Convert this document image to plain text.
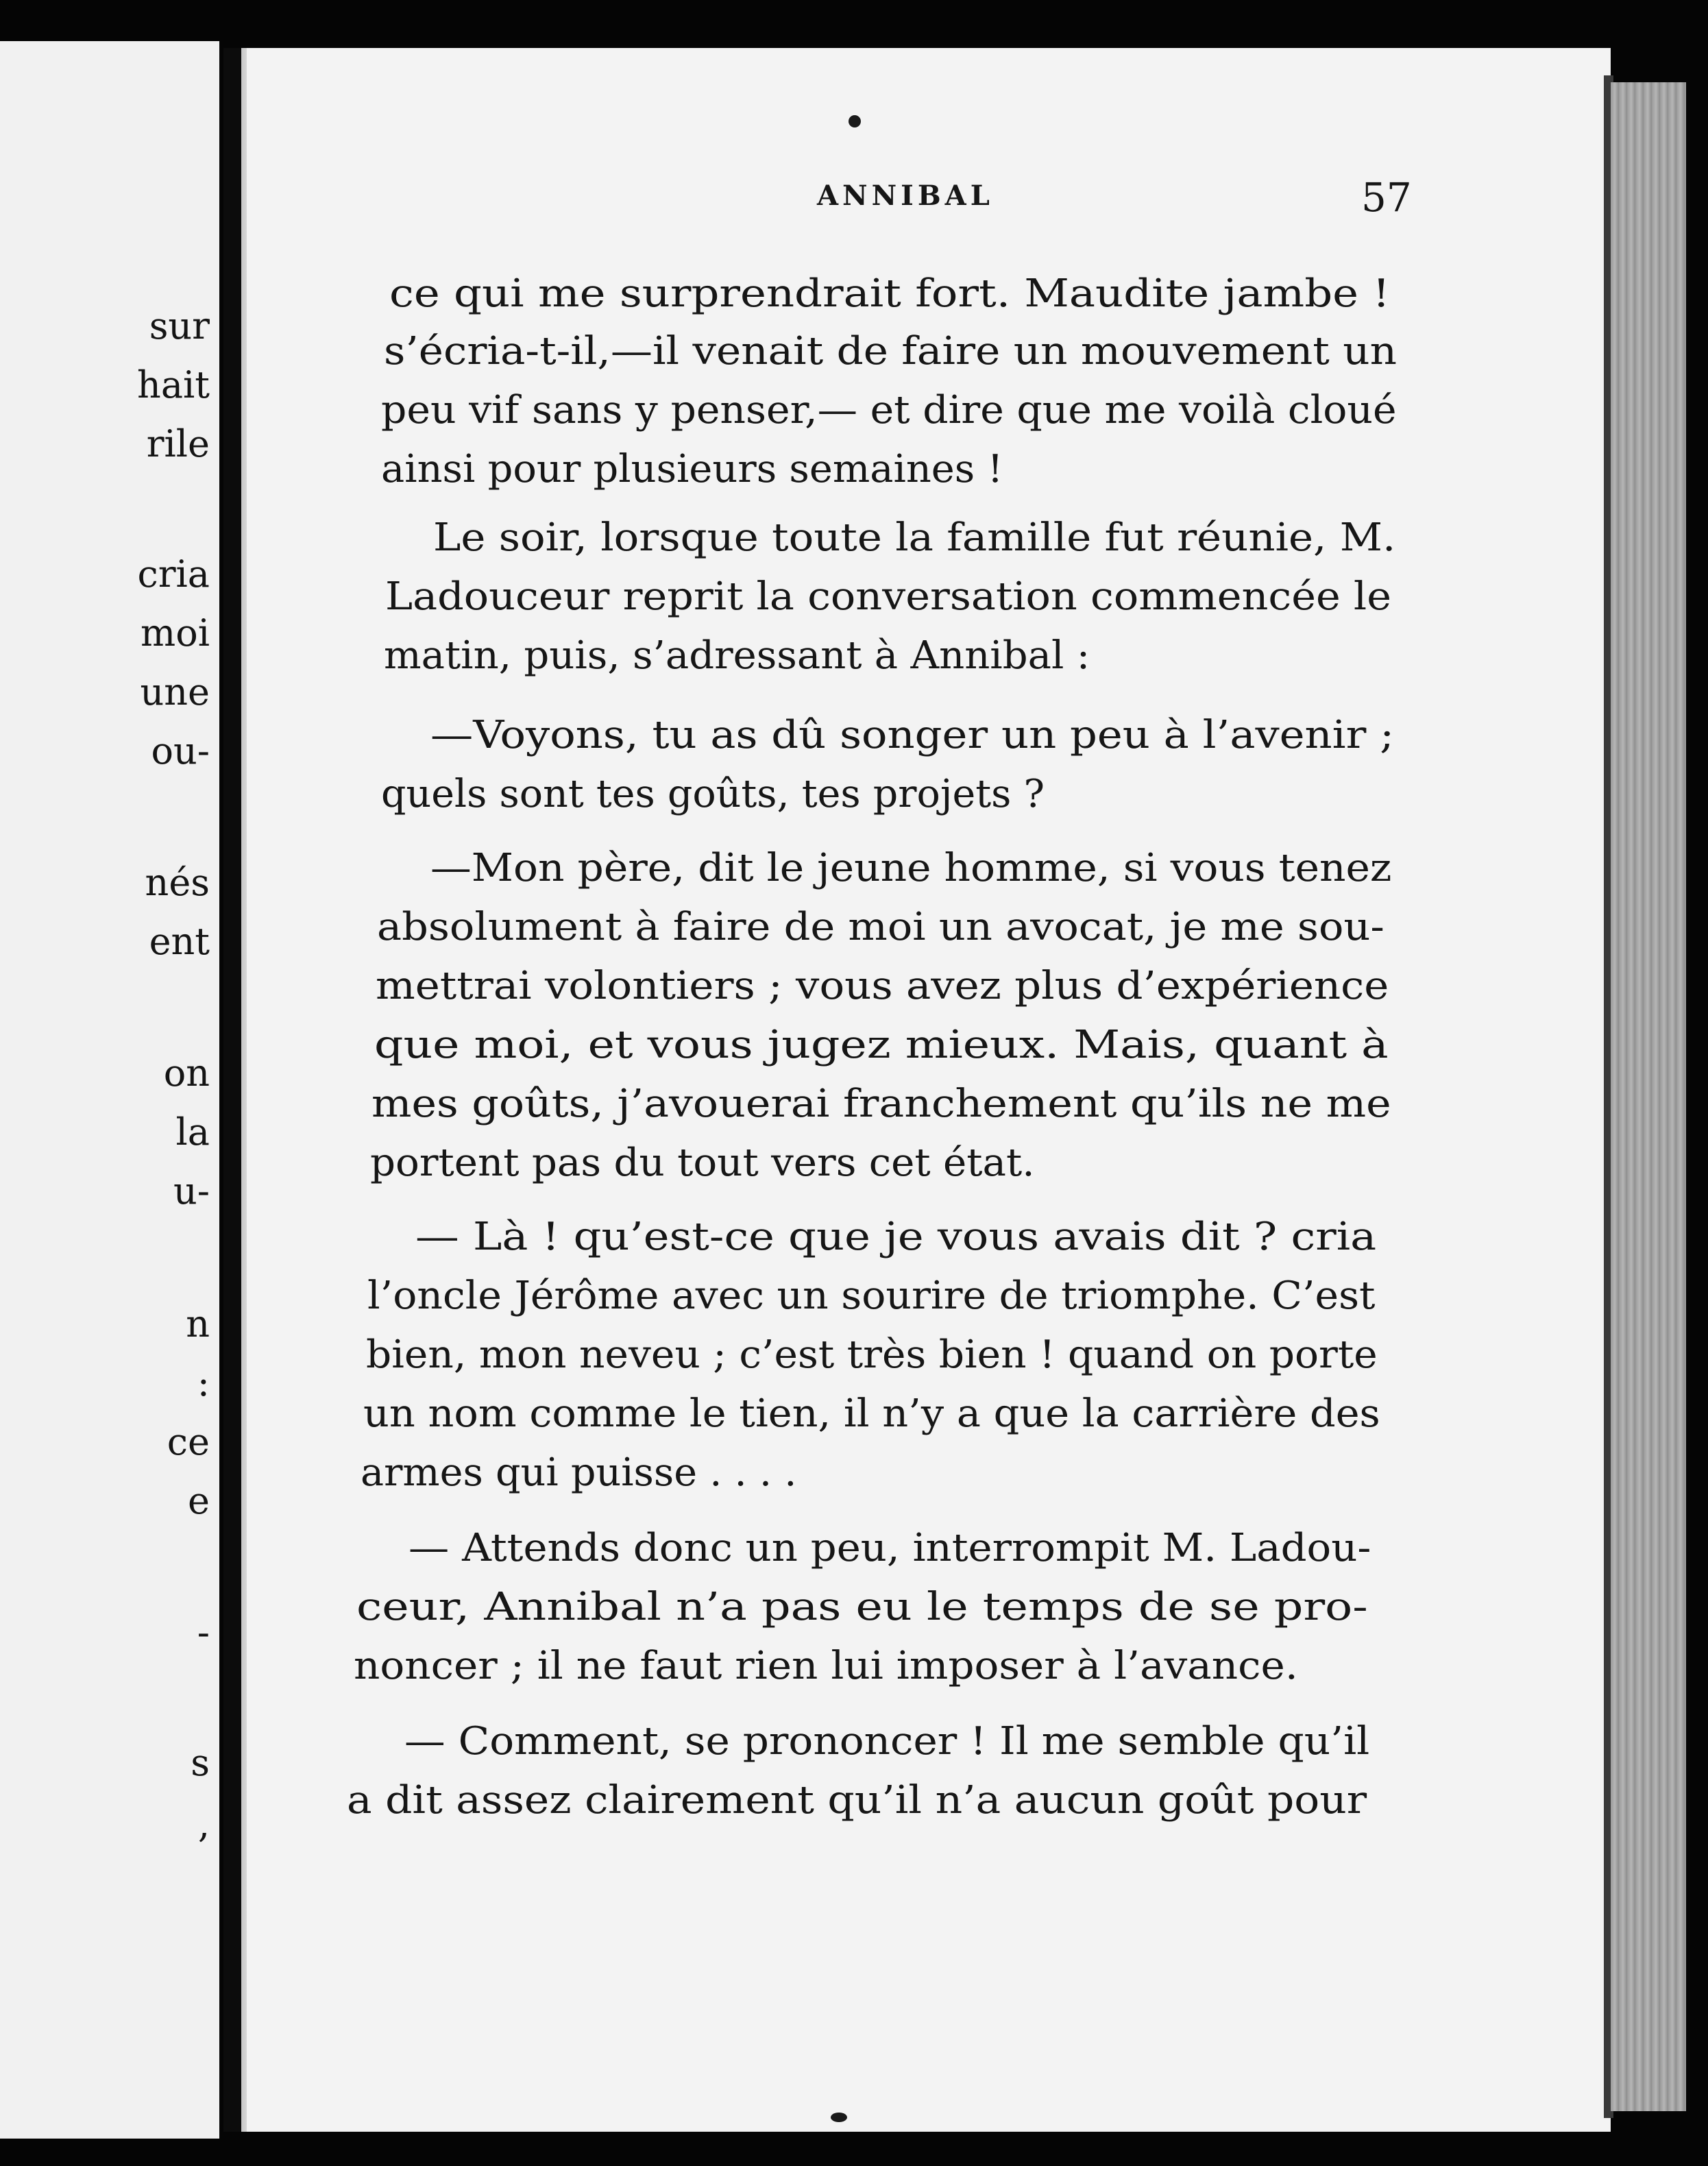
sur
hait
rile
cria
moi
une
ou-
nés
ent
on
la
u-
n
:
ce
e
-
s
,
ANNIBAL	57
ce qui me surprendrait fort. Maudite jambe !
s’écria-t-il,—il venait de faire un mouvement un
peu vif sans y penser,— et dire que me voilà cloué
ainsi pour plusieurs semaines !
Le soir, lorsque toute la famille fut réunie, M.
Ladouceur reprit la conversation commencée le
matin, puis, s’adressant à Annibal :
—Voyons, tu as dû songer un peu à l’avenir ;
quels sont tes goûts, tes projets ?
—Mon père, dit le jeune homme, si vous tenez
absolument à faire de moi un avocat, je me sou-
mettrai volontiers ; vous avez plus d’expérience
que moi, et vous jugez mieux. Mais, quant à
mes goûts, j’avouerai franchement qu’ils ne me
portent pas du tout vers cet état.
— Là ! qu’est-ce que je vous avais dit ? cria
l’oncle Jérôme avec un sourire de triomphe. C’est
bien, mon neveu ; c’est très bien ! quand on porte
un nom comme le tien, il n’y a que la carrière des
armes qui puisse . . . .
— Attends donc un peu, interrompit M. Ladou-
ceur, Annibal n’a pas eu le temps de se pro-
noncer ; il ne faut rien lui imposer à l’avance.
— Comment, se prononcer ! Il me semble qu’il
a dit assez clairement qu’il n’a aucun goût pour
